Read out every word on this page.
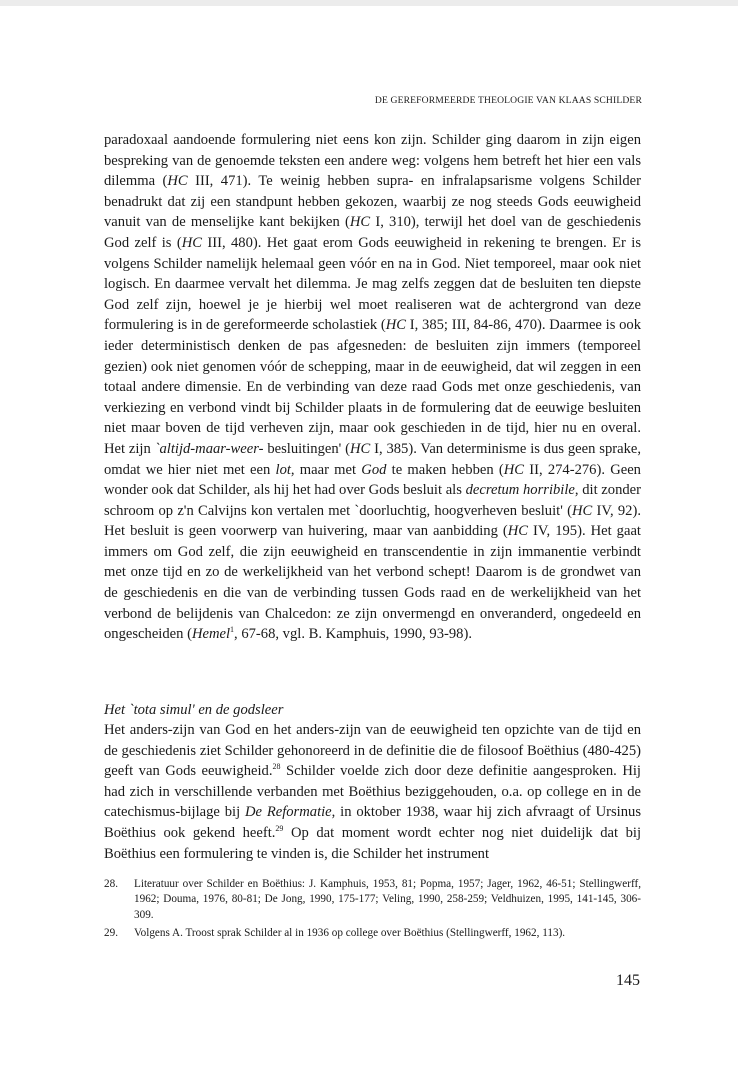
DE GEREFORMEERDE THEOLOGIE VAN KLAAS SCHILDER

paradoxaal aandoende formulering niet eens kon zijn. Schilder ging daarom in zijn eigen bespreking van de genoemde teksten een andere weg: volgens hem betreft het hier een vals dilemma (HC III, 471). Te weinig hebben supra- en infralapsarisme volgens Schilder benadrukt dat zij een standpunt hebben gekozen, waarbij ze nog steeds Gods eeuwigheid vanuit van de menselijke kant bekijken (HC I, 310), terwijl het doel van de geschiedenis God zelf is (HC III, 480). Het gaat erom Gods eeuwigheid in rekening te brengen. Er is volgens Schilder namelijk helemaal geen vóór en na in God. Niet temporeel, maar ook niet logisch. En daarmee vervalt het dilemma. Je mag zelfs zeggen dat de besluiten ten diepste God zelf zijn, hoewel je je hierbij wel moet realiseren wat de achtergrond van deze formulering is in de gereformeerde scholastiek (HC I, 385; III, 84-86, 470). Daarmee is ook ieder deterministisch denken de pas afgesneden: de besluiten zijn immers (temporeel gezien) ook niet genomen vóór de schepping, maar in de eeuwigheid, dat wil zeggen in een totaal andere dimensie. En de verbinding van deze raad Gods met onze geschiedenis, van verkiezing en verbond vindt bij Schilder plaats in de formulering dat de eeuwige besluiten niet maar boven de tijd verheven zijn, maar ook geschieden in de tijd, hier nu en overal. Het zijn `altijd-maar-weer- besluitingen' (HC I, 385). Van determinisme is dus geen sprake, omdat we hier niet met een lot, maar met God te maken hebben (HC II, 274-276). Geen wonder ook dat Schilder, als hij het had over Gods besluit als decretum horribile, dit zonder schroom op z'n Calvijns kon vertalen met `doorluchtig, hoogverheven besluit' (HC IV, 92). Het besluit is geen voorwerp van huivering, maar van aanbidding (HC IV, 195). Het gaat immers om God zelf, die zijn eeuwigheid en transcendentie in zijn immanentie verbindt met onze tijd en zo de werkelijkheid van het verbond schept! Daarom is de grondwet van de geschiedenis en die van de verbinding tussen Gods raad en de werkelijkheid van het verbond de belijdenis van Chalcedon: ze zijn onvermengd en onveranderd, ongedeeld en ongescheiden (Hemel$^1$, 67-68, vgl. B. Kamphuis, 1990, 93-98).

Het `tota simul' en de godsleer

Het anders-zijn van God en het anders-zijn van de eeuwigheid ten opzichte van de tijd en de geschiedenis ziet Schilder gehonoreerd in de definitie die de filosoof Boëthius (480-425) geeft van Gods eeuwigheid.$^{28}$ Schilder voelde zich door deze definitie aangesproken. Hij had zich in verschillende verbanden met Boëthius beziggehouden, o.a. op college en in de catechismus-bijlage bij De Reformatie, in oktober 1938, waar hij zich afvraagt of Ursinus Boëthius ook gekend heeft.$^{29}$ Op dat moment wordt echter nog niet duidelijk dat bij Boëthius een formulering te vinden is, die Schilder het instrument

28.	Literatuur over Schilder en Boëthius: J. Kamphuis, 1953, 81; Popma, 1957; Jager, 1962, 46-51; Stellingwerff, 1962; Douma, 1976, 80-81; De Jong, 1990, 175-177; Veling, 1990, 258-259; Veldhuizen, 1995, 141-145, 306-309.
29.	Volgens A. Troost sprak Schilder al in 1936 op college over Boëthius (Stellingwerff, 1962, 113).
145
